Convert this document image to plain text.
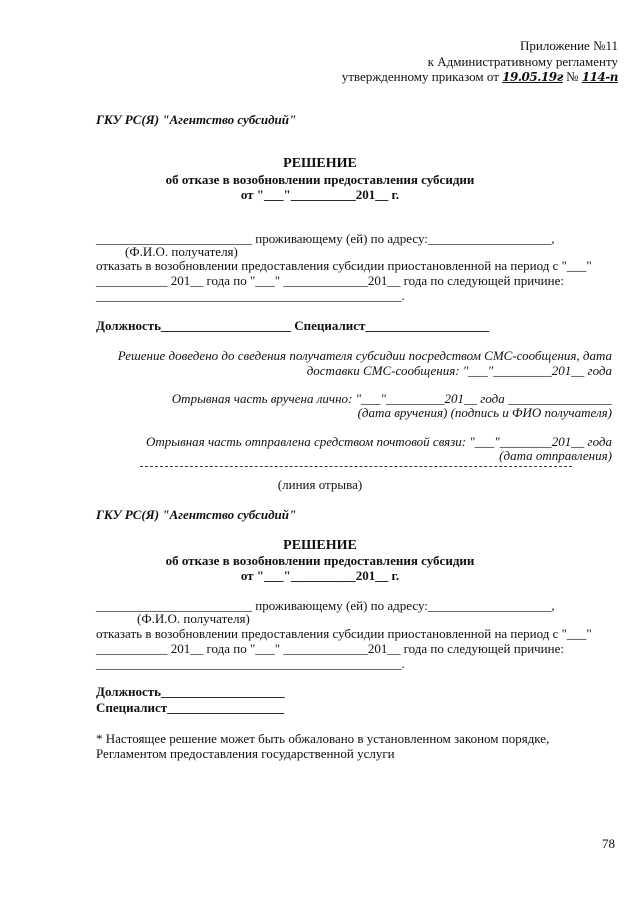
Приложение №11
к Административному регламенту
утвержденному приказом от 19.05.19г № 114-п
ГКУ РС(Я) "Агентство субсидий"
РЕШЕНИЕ
об отказе в возобновлении предоставления субсидии
от "___"__________201__ г.
________________________ проживающему (ей) по адресу:___________________,
(Ф.И.О. получателя)
отказать в возобновлении предоставления субсидии приостановленной на период с "___"
___________ 201__ года по "___" _____________201__ года по следующей причине:
_______________________________________________.
Должность____________________ Специалист___________________
Решение доведено до сведения получателя субсидии посредством СМС-сообщения, дата
доставки СМС-сообщения: "___"_________201__ года
Отрывная часть вручена лично: "___"_________201__ года ________________
(дата вручения) (подпись и ФИО получателя)
Отрывная часть отправлена средством почтовой связи: "___"________201__ года
(дата отправления)
(линия отрыва)
ГКУ РС(Я) "Агентство субсидий"
РЕШЕНИЕ
об отказе в возобновлении предоставления субсидии
от "___"__________201__ г.
________________________ проживающему (ей) по адресу:___________________,
(Ф.И.О. получателя)
отказать в возобновлении предоставления субсидии приостановленной на период с "___"
___________ 201__ года по "___" _____________201__ года по следующей причине:
_______________________________________________.
Должность___________________
Специалист__________________
* Настоящее решение может быть обжаловано в установленном законом порядке,
Регламентом предоставления государственной услуги
78
